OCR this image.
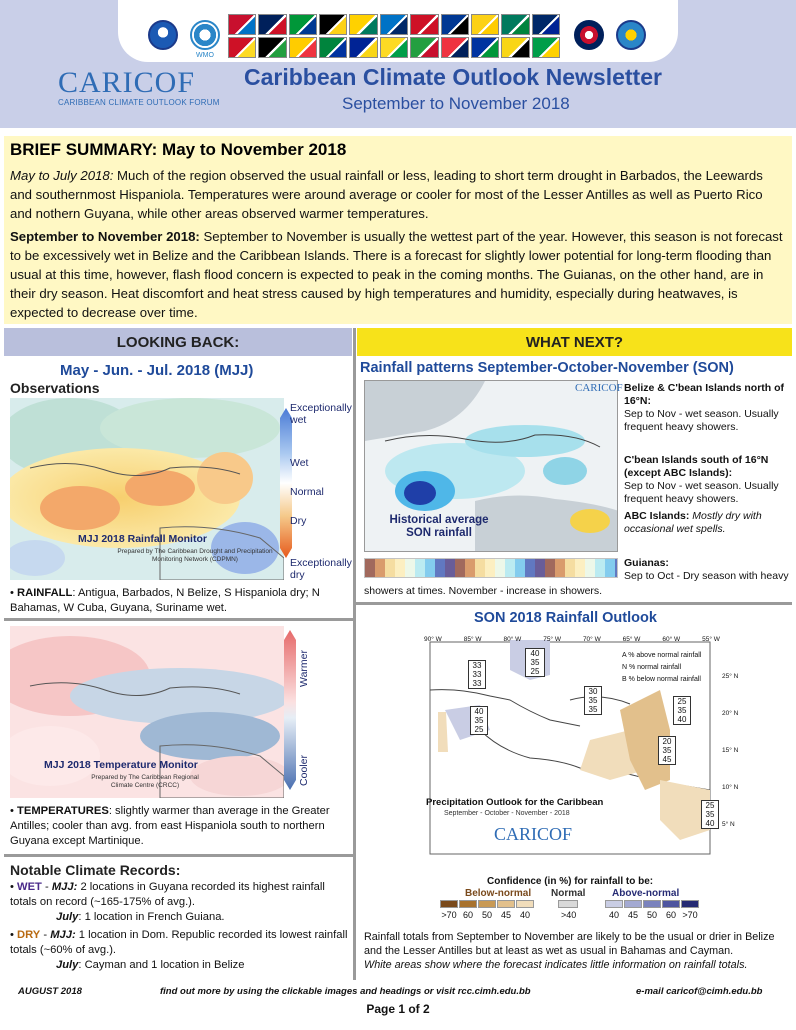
WMO
CARICOF
CARIBBEAN CLIMATE OUTLOOK FORUM
Caribbean Climate Outlook Newsletter
September to November 2018
BRIEF SUMMARY: May to November 2018
May to July 2018: Much of the region observed the usual rainfall or less, leading to short term drought in Barbados, the Leewards and southernmost Hispaniola. Temperatures were around average or cooler for most of the Lesser Antilles as well as Puerto Rico and nothern Guyana, while other areas observed warmer temperatures.
September to November 2018: September to November is usually the wettest part of the year. However, this season is not forecast to be excessively wet in Belize and the Caribbean Islands. There is a forecast for slightly lower potential for long-term flooding than usual at this time, however, flash flood concern is expected to peak in the coming months. The Guianas, on the other hand, are in their dry season. Heat discomfort and heat stress caused by high temperatures and humidity, especially during heatwaves, is expected to decrease over time.
LOOKING BACK:	WHAT NEXT?
May - Jun. - Jul. 2018 (MJJ)
Observations
Exceptionally wet
Wet
Normal
Dry
Exceptionally dry
MJJ 2018 Rainfall Monitor
Prepared by The Caribbean Drought and Precipitation Monitoring Network (CDPMN)
• RAINFALL: Antigua, Barbados, N Belize, S Hispaniola dry; N Bahamas, W Cuba, Guyana, Suriname wet.
Warmer
Cooler
MJJ 2018 Temperature Monitor
Prepared by The Caribbean Regional Climate Centre (CRCC)
• TEMPERATURES: slightly warmer than average in the Greater Antilles; cooler than avg. from east Hispaniola south to northern Guyana except Martinique.
Notable Climate Records:
• WET - MJJ: 2 locations in Guyana recorded its highest rainfall totals on record (~165-175% of avg.).
July: 1 location in French Guiana.
• DRY - MJJ: 1 location in Dom. Republic recorded its lowest rainfall totals (~60% of avg.).
July: Cayman and 1 location in Belize
Rainfall patterns September-October-November (SON)
CARICOF
Historical average SON rainfall
Belize & C'bean Islands north of 16°N:
Sep to Nov - wet season. Usually frequent heavy showers.
C'bean Islands south of 16°N (except ABC Islands):
Sep to Nov - wet season. Usually frequent heavy showers.
ABC Islands: Mostly dry with occasional wet spells.
Guianas:
Sep to Oct - Dry season with heavy
showers at times. November - increase in showers.
SON 2018 Rainfall Outlook
90° W	85° W	80° W	75° W	70° W	65° W	60° W	55° W
25° N
20° N
15° N
10° N
5° N
A % above normal rainfall
N % normal rainfall
B % below normal rainfall
40
35
25
33
33
33
30
35
35
40
35
25
25
35
40
20
35
45
25
35
40
Precipitation Outlook for the Caribbean
September - October - November - 2018
CARICOF
Confidence (in %) for rainfall to be:
Below-normal Normal	Above-normal
>70 60 50 45 40	>40	40 45 50 60 >70
Rainfall totals from September to November are likely to be the usual or drier in Belize and the Lesser Antilles but at least as wet as usual in Bahamas and Cayman.
White areas show where the forecast indicates little information on rainfall totals.
AUGUST 2018	find out more by using the clickable images and headings or visit rcc.cimh.edu.bb	e-mail caricof@cimh.edu.bb
Page 1 of 2
